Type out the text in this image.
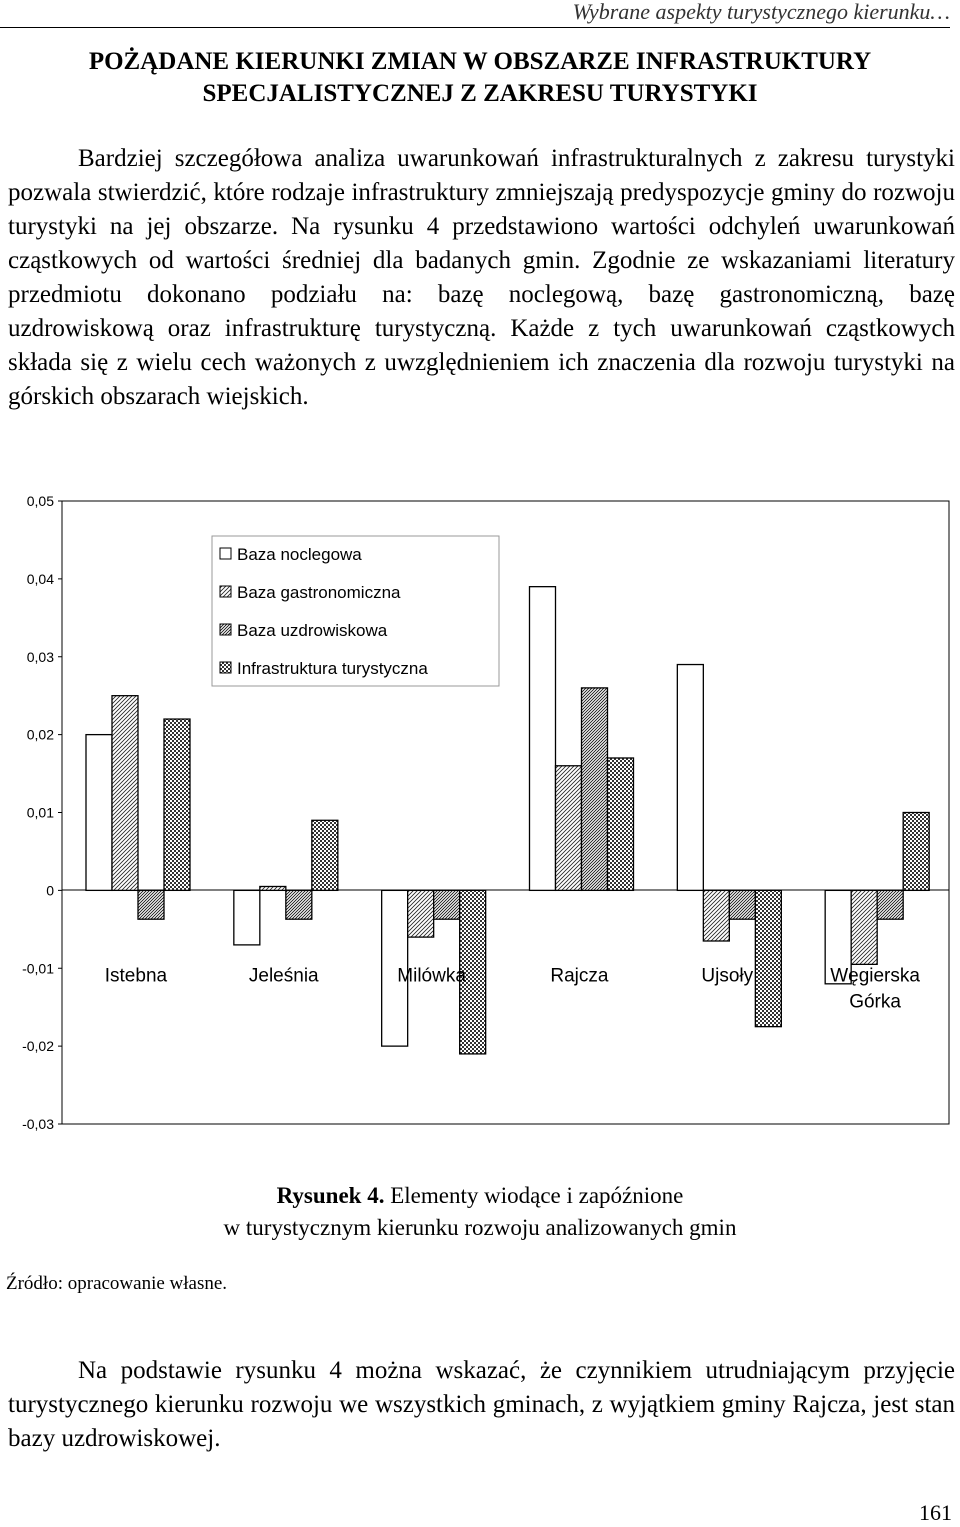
Wybrane aspekty turystycznego kierunku…
POŻĄDANE KIERUNKI ZMIAN W OBSZARZE INFRASTRUKTURY
SPECJALISTYCZNEJ Z ZAKRESU TURYSTYKI

Bardziej szczegółowa analiza uwarunkowań infrastrukturalnych z zakresu turystyki pozwala stwierdzić, które rodzaje infrastruktury zmniejszają predyspozycje gminy do rozwoju turystyki na jej obszarze. Na rysunku 4 przedstawiono wartości odchyleń uwarunkowań cząstkowych od wartości średniej dla badanych gmin. Zgodnie ze wskazaniami literatury przedmiotu dokonano podziału na: bazę noclegową, bazę gastronomiczną, bazę uzdrowiskową oraz infrastrukturę turystyczną. Każde z tych uwarunkowań cząstkowych składa się z wielu cech ważonych z uwzględnieniem ich znaczenia dla rozwoju turystyki na górskich obszarach wiejskich.

0,05
0,04
0,03
0,02
0,01
0
-0,01
-0,02
-0,03
Istebna	Jeleśnia	Milówka	Rajcza	Ujsoły	Węgierska
Górka
Baza noclegowa
Baza gastronomiczna
Baza uzdrowiskowa
Infrastruktura turystyczna
Rysunek 4. Elementy wiodące i zapóźnione
w turystycznym kierunku rozwoju analizowanych gmin
Źródło: opracowanie własne.

Na podstawie rysunku 4 można wskazać, że czynnikiem utrudniającym przyjęcie turystycznego kierunku rozwoju we wszystkich gminach, z wyjątkiem gminy Rajcza, jest stan bazy uzdrowiskowej.

161
